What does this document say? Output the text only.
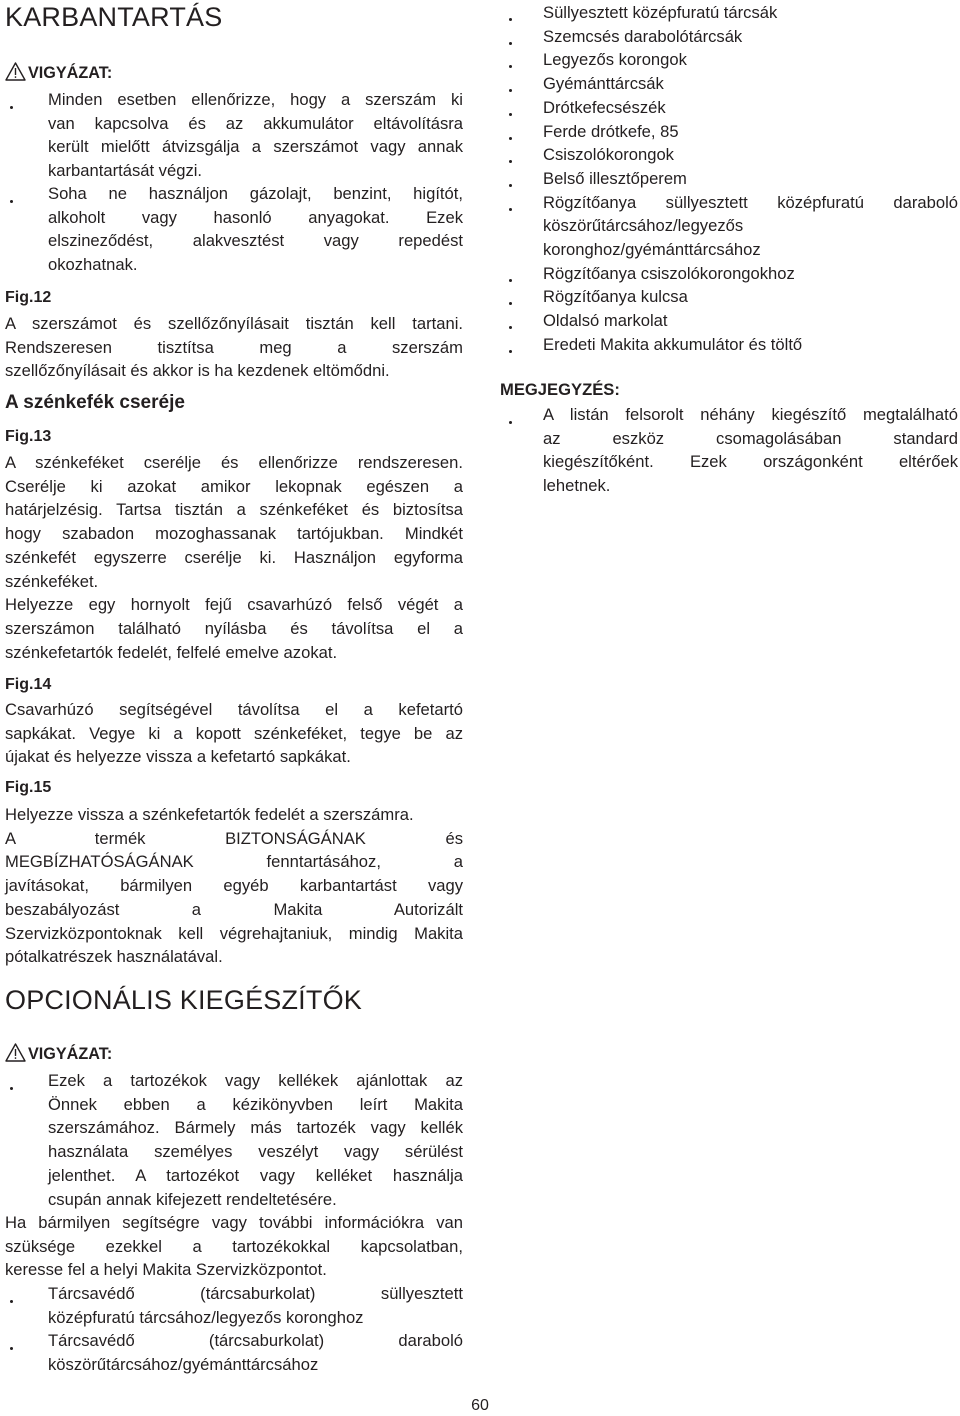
KARBANTARTÁS
VIGYÁZAT:
Minden esetben ellenőrizze, hogy a szerszám ki
van kapcsolva és az akkumulátor eltávolításra
került mielőtt átvizsgálja a szerszámot vagy annak
karbantartását végzi.
Soha ne használjon gázolajt, benzint, higítót,
alkoholt vagy hasonló anyagokat. Ezek
elszineződést, alakvesztést vagy repedést
okozhatnak.
Fig.12
A szerszámot és szellőzőnyílásait tisztán kell tartani.
Rendszeresen tisztítsa meg a szerszám
szellőzőnyílásait és akkor is ha kezdenek eltömődni.
A szénkefék cseréje
Fig.13
A szénkeféket cserélje és ellenőrizze rendszeresen.
Cserélje ki azokat amikor lekopnak egészen a
határjelzésig. Tartsa tisztán a szénkeféket és biztosítsa
hogy szabadon mozoghassanak tartójukban. Mindkét
szénkefét egyszerre cserélje ki. Használjon egyforma
szénkeféket.
Helyezze egy hornyolt fejű csavarhúzó felső végét a
szerszámon található nyílásba és távolítsa el a
szénkefetartók fedelét, felfelé emelve azokat.
Fig.14
Csavarhúzó segítségével távolítsa el a kefetartó
sapkákat. Vegye ki a kopott szénkeféket, tegye be az
újakat és helyezze vissza a kefetartó sapkákat.
Fig.15
Helyezze vissza a szénkefetartók fedelét a szerszámra.
A termék BIZTONSÁGÁNAK és
MEGBÍZHATÓSÁGÁNAK fenntartásához, a
javításokat, bármilyen egyéb karbantartást vagy
beszabályozást a Makita Autorizált
Szervizközpontoknak kell végrehajtaniuk, mindig Makita
pótalkatrészek használatával.
OPCIONÁLIS KIEGÉSZÍTŐK
VIGYÁZAT:
Ezek a tartozékok vagy kellékek ajánlottak az
Önnek ebben a kézikönyvben leírt Makita
szerszámához. Bármely más tartozék vagy kellék
használata személyes veszélyt vagy sérülést
jelenthet. A tartozékot vagy kelléket használja
csupán annak kifejezett rendeltetésére.
Ha bármilyen segítségre vagy további információkra van
szüksége ezekkel a tartozékokkal kapcsolatban,
keresse fel a helyi Makita Szervizközpontot.
Tárcsavédő (tárcsaburkolat) süllyesztett
középfuratú tárcsához/legyezős koronghoz
Tárcsavédő (tárcsaburkolat) daraboló
köszörűtárcsához/gyémánttárcsához
Süllyesztett középfuratú tárcsák
Szemcsés darabolótárcsák
Legyezős korongok
Gyémánttárcsák
Drótkefecsészék
Ferde drótkefe, 85
Csiszolókorongok
Belső illesztőperem
Rögzítőanya süllyesztett középfuratú daraboló
köszörűtárcsához/legyezős
koronghoz/gyémánttárcsához
Rögzítőanya csiszolókorongokhoz
Rögzítőanya kulcsa
Oldalsó markolat
Eredeti Makita akkumulátor és töltő
MEGJEGYZÉS:
A listán felsorolt néhány kiegészítő megtalálható
az eszköz csomagolásában standard
kiegészítőként. Ezek országonként eltérőek
lehetnek.
60
